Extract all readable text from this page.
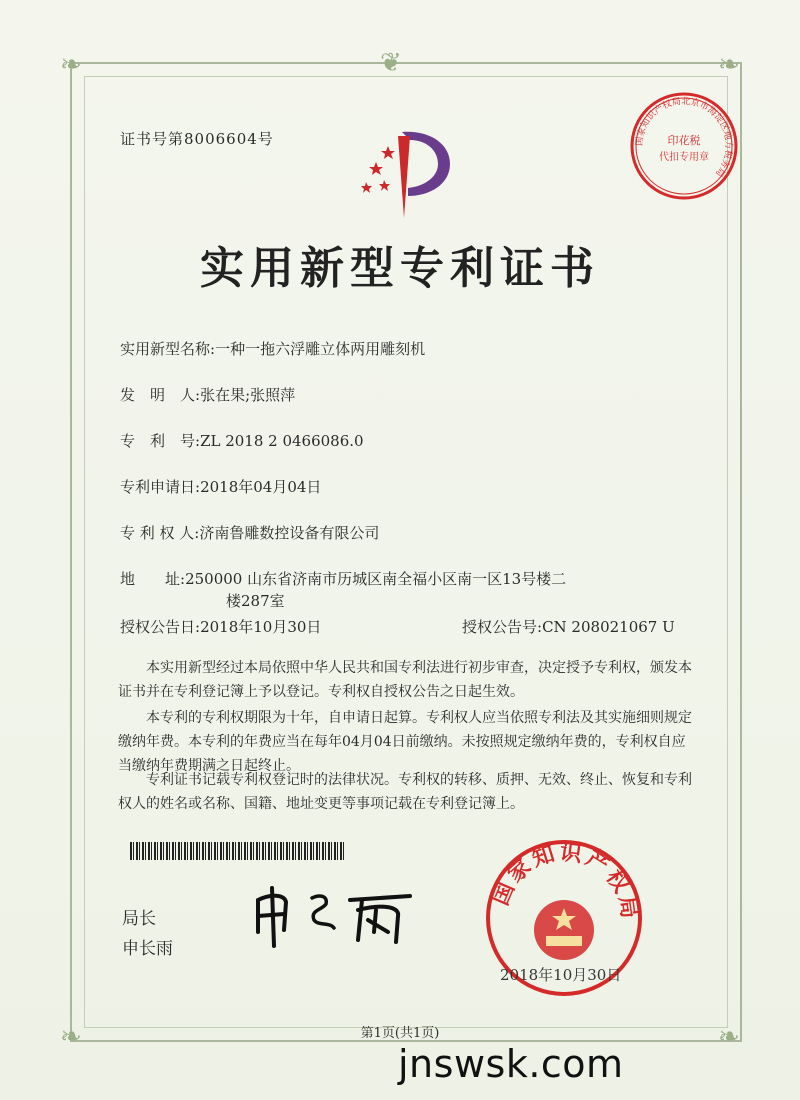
❦
❧	❧
❧	❧
证书号第8006604号	国家知识产权局北京市海淀区地方税务局
印花税
代扣专用章
实用新型专利证书
实用新型名称:一种一拖六浮雕立体两用雕刻机
发　明　人:张在果;张照萍
专　利　号:ZL 2018 2 0466086.0
专利申请日:2018年04月04日
专 利 权 人:济南鲁雕数控设备有限公司
地　　址:250000 山东省济南市历城区南全福小区南一区13号楼二
楼287室
授权公告日:2018年10月30日	授权公告号:CN 208021067 U
本实用新型经过本局依照中华人民共和国专利法进行初步审查，决定授予专利权，颁发本证书并在专利登记簿上予以登记。专利权自授权公告之日起生效。
本专利的专利权期限为十年，自申请日起算。专利权人应当依照专利法及其实施细则规定缴纳年费。本专利的年费应当在每年04月04日前缴纳。未按照规定缴纳年费的，专利权自应当缴纳年费期满之日起终止。
专利证书记载专利权登记时的法律状况。专利权的转移、质押、无效、终止、恢复和专利权人的姓名或名称、国籍、地址变更等事项记载在专利登记簿上。
局长
申长雨
国家知识产权局
2018年10月30日
第1页(共1页)
jnswsk.com
